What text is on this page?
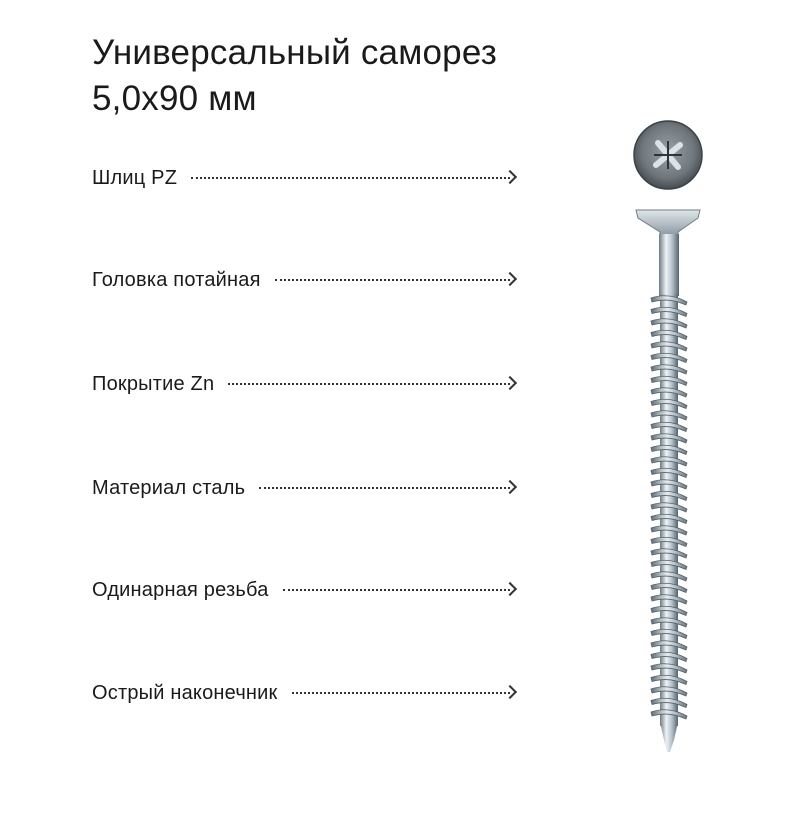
Универсальный саморез
5,0х90 мм
Шлиц PZ
Головка потайная
Покрытие Zn
Материал сталь
Одинарная резьба
Острый наконечник
